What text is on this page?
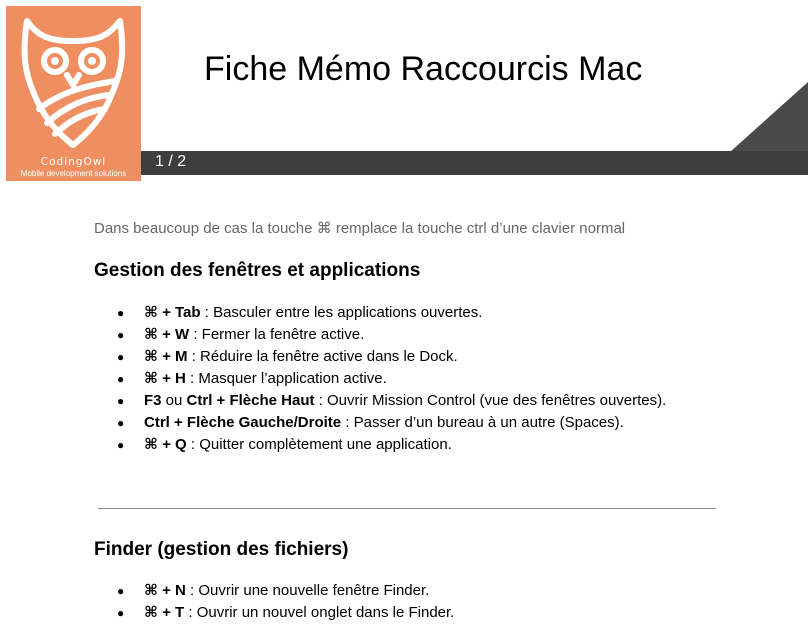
CodingOwl
Mobile development solutions
Fiche Mémo Raccourcis Mac
1 / 2
Dans beaucoup de cas la touche ⌘ remplace la touche ctrl d’une clavier normal
Gestion des fenêtres et applications
● ⌘ + Tab : Basculer entre les applications ouvertes.
● ⌘ + W : Fermer la fenêtre active.
● ⌘ + M : Réduire la fenêtre active dans le Dock.
● ⌘ + H : Masquer l’application active.
● F3 ou Ctrl + Flèche Haut : Ouvrir Mission Control (vue des fenêtres ouvertes).
● Ctrl + Flèche Gauche/Droite : Passer d’un bureau à un autre (Spaces).
● ⌘ + Q : Quitter complètement une application.
Finder (gestion des fichiers)
● ⌘ + N : Ouvrir une nouvelle fenêtre Finder.
● ⌘ + T : Ouvrir un nouvel onglet dans le Finder.
